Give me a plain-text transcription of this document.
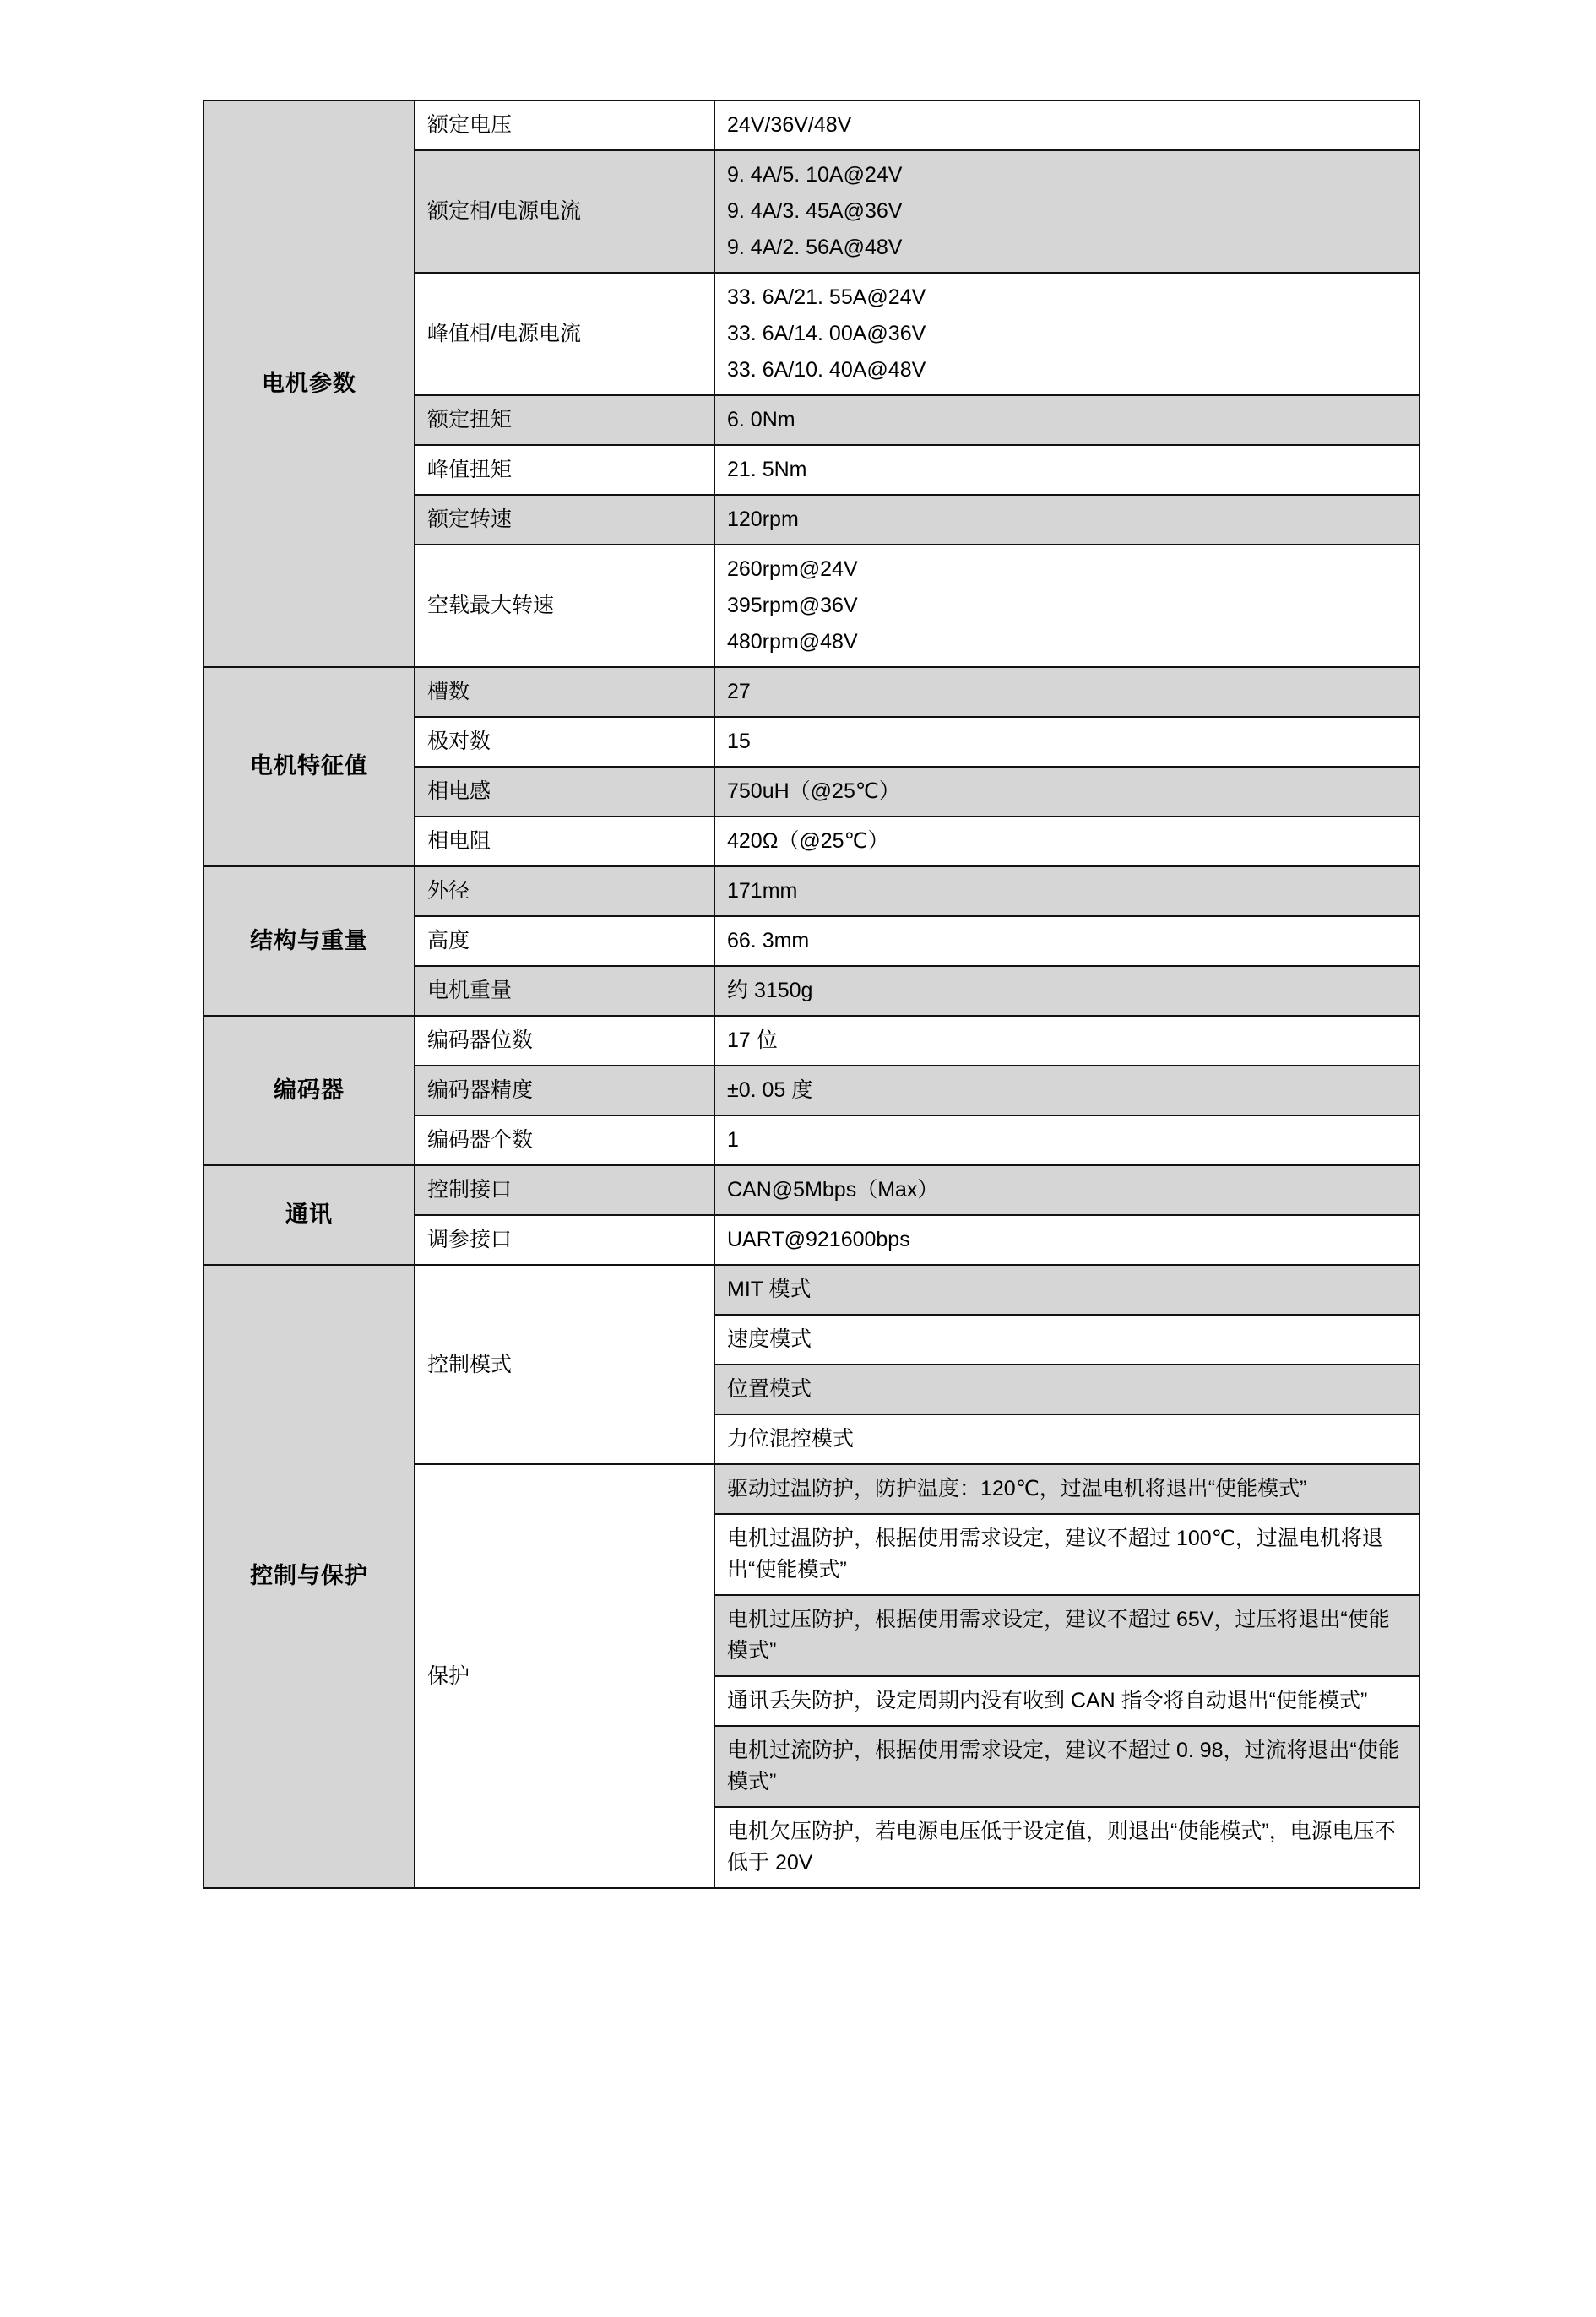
电机参数	额定电压	24V/36V/48V
	额定相/电源电流	9. 4A/5. 10A@24V
9. 4A/3. 45A@36V
9. 4A/2. 56A@48V

	峰值相/电源电流	33. 6A/21. 55A@24V
33. 6A/14. 00A@36V
33. 6A/10. 40A@48V

	额定扭矩	6. 0Nm
	峰值扭矩	21. 5Nm
	额定转速	120rpm
	空载最大转速	260rpm@24V
395rpm@36V
480rpm@48V

电机特征值	槽数	27
	极对数	15
	相电感	750uH（@25℃）
	相电阻	420Ω（@25℃）
结构与重量	外径	171mm
	高度	66. 3mm
	电机重量	约 3150g
编码器	编码器位数	17 位
	编码器精度	±0. 05 度
	编码器个数	1
通讯	控制接口	CAN@5Mbps（Max）
	调参接口	UART@921600bps
控制与保护	控制模式	MIT 模式
		速度模式
		位置模式
		力位混控模式
	保护	驱动过温防护，防护温度：120℃，过温电机将退出“使能模式”
		电机过温防护，根据使用需求设定，建议不超过 100℃，过温电机将退出“使能模式”
		电机过压防护，根据使用需求设定，建议不超过 65V，过压将退出“使能模式”
		通讯丢失防护，设定周期内没有收到 CAN 指令将自动退出“使能模式”
		电机过流防护，根据使用需求设定，建议不超过 0. 98，过流将退出“使能模式”
		电机欠压防护，若电源电压低于设定值，则退出“使能模式”，电源电压不低于 20V
